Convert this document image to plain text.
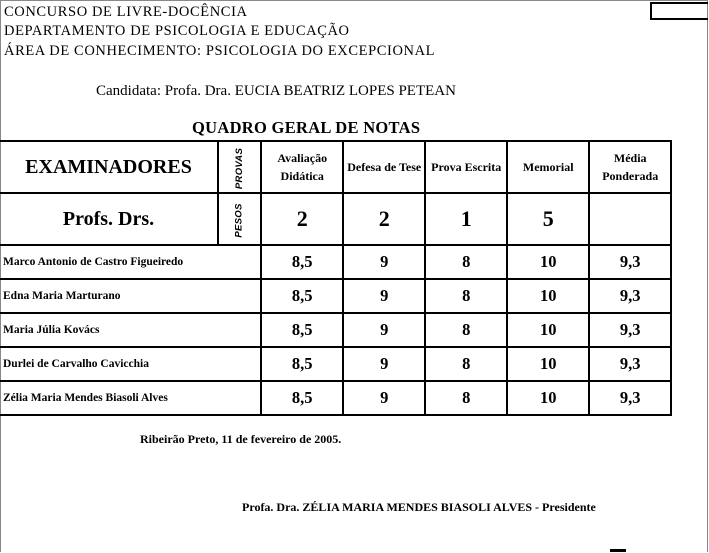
CONCURSO DE LIVRE-DOCÊNCIA
DEPARTAMENTO DE PSICOLOGIA E EDUCAÇÃO
ÁREA DE CONHECIMENTO: PSICOLOGIA DO EXCEPCIONAL
Candidata: Profa. Dra. EUCIA BEATRIZ LOPES PETEAN
QUADRO GERAL DE NOTAS
EXAMINADORES	PROVAS	Avaliação Didática	Defesa de Tese	Prova Escrita	Memorial	Média Ponderada
Profs. Drs.	PESOS	2	2	1	5	
Marco Antonio de Castro Figueiredo		8,5	9	8	10	9,3
Edna Maria Marturano		8,5	9	8	10	9,3
Maria Júlia Kovács		8,5	9	8	10	9,3
Durlei de Carvalho Cavicchia		8,5	9	8	10	9,3
Zélia Maria Mendes Biasoli Alves		8,5	9	8	10	9,3
Ribeirão Preto, 11 de fevereiro de 2005.
Profa. Dra. ZÉLIA MARIA MENDES BIASOLI ALVES - Presidente
